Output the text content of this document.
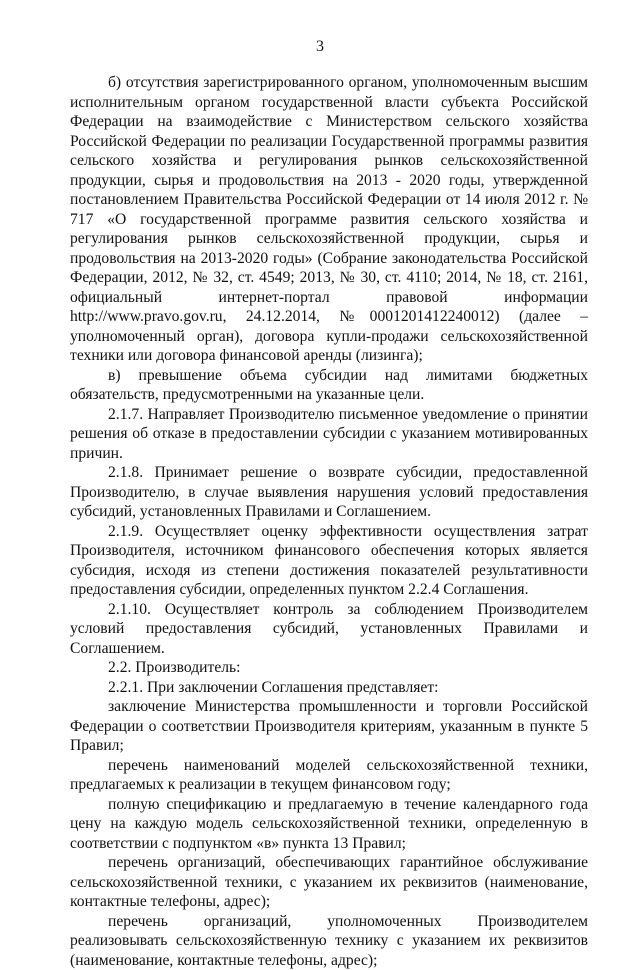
3

б) отсутствия зарегистрированного органом, уполномоченным высшим исполнительным органом государственной власти субъекта Российской Федерации на взаимодействие с Министерством сельского хозяйства Российской Федерации по реализации Государственной программы развития сельского хозяйства и регулирования рынков сельскохозяйственной продукции, сырья и продовольствия на 2013 - 2020 годы, утвержденной постановлением Правительства Российской Федерации от 14 июля 2012 г. № 717 «О государственной программе развития сельского хозяйства и регулирования рынков сельскохозяйственной продукции, сырья и продовольствия на 2013-2020 годы» (Собрание законодательства Российской Федерации, 2012, № 32, ст. 4549; 2013, № 30, ст. 4110; 2014, № 18, ст. 2161, официальный интернет-портал правовой информации http://www.pravo.gov.ru, 24.12.2014, №0001201412240012) (далее – уполномоченный орган), договора купли-продажи сельскохозяйственной техники или договора финансовой аренды (лизинга);

в) превышение объема субсидии над лимитами бюджетных обязательств, предусмотренными на указанные цели.

2.1.7. Направляет Производителю письменное уведомление о принятии решения об отказе в предоставлении субсидии с указанием мотивированных причин.

2.1.8. Принимает решение о возврате субсидии, предоставленной Производителю, в случае выявления нарушения условий предоставления субсидий, установленных Правилами и Соглашением.

2.1.9. Осуществляет оценку эффективности осуществления затрат Производителя, источником финансового обеспечения которых является субсидия, исходя из степени достижения показателей результативности предоставления субсидии, определенных пунктом 2.2.4 Соглашения.

2.1.10. Осуществляет контроль за соблюдением Производителем условий предоставления субсидий, установленных Правилами и Соглашением.

2.2. Производитель:

2.2.1. При заключении Соглашения представляет:

заключение Министерства промышленности и торговли Российской Федерации о соответствии Производителя критериям, указанным в пункте 5 Правил;

перечень наименований моделей сельскохозяйственной техники, предлагаемых к реализации в текущем финансовом году;

полную спецификацию и предлагаемую в течение календарного года цену на каждую модель сельскохозяйственной техники, определенную в соответствии с подпунктом «в» пункта 13 Правил;

перечень организаций, обеспечивающих гарантийное обслуживание сельскохозяйственной техники, с указанием их реквизитов (наименование, контактные телефоны, адрес);

перечень организаций, уполномоченных Производителем реализовывать сельскохозяйственную технику с указанием их реквизитов (наименование, контактные телефоны, адрес);
